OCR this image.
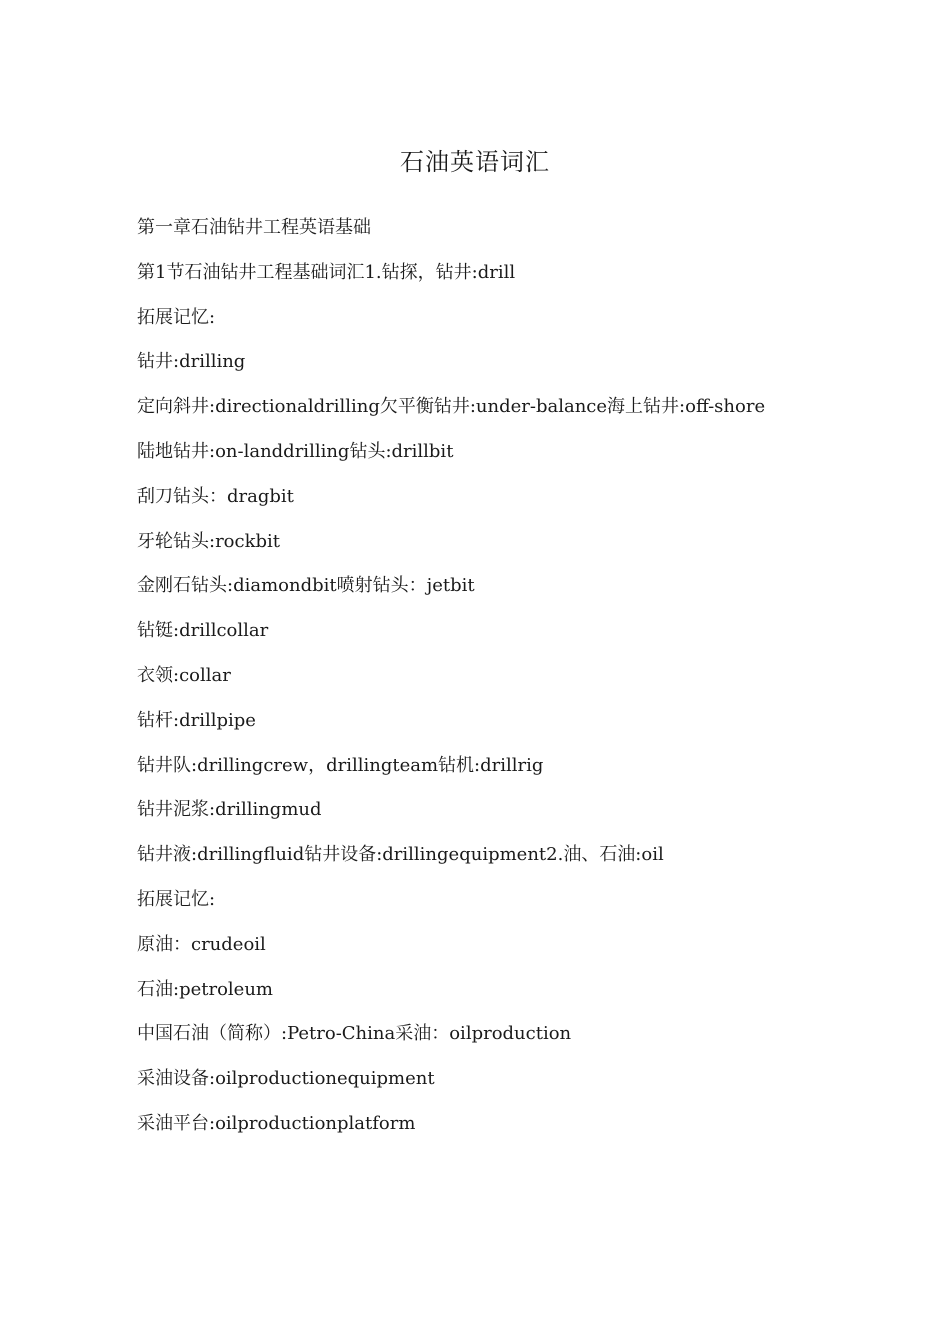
石油英语词汇

第一章石油钻井工程英语基础

第1节石油钻井工程基础词汇1.钻探，钻井:drill

拓展记忆:

钻井:drilling

定向斜井:directionaldrilling欠平衡钻井:under-balance海上钻井:off-shore

陆地钻井:on-landdrilling钻头:drillbit

刮刀钻头：dragbit

牙轮钻头:rockbit

金刚石钻头:diamondbit喷射钻头：jetbit

钻铤:drillcollar

衣领:collar

钻杆:drillpipe

钻井队:drillingcrew，drillingteam钻机:drillrig

钻井泥浆:drillingmud

钻井液:drillingfluid钻井设备:drillingequipment2.油、石油:oil

拓展记忆:

原油：crudeoil

石油:petroleum

中国石油（简称）:Petro-China采油：oilproduction

采油设备:oilproductionequipment

采油平台:oilproductionplatform
